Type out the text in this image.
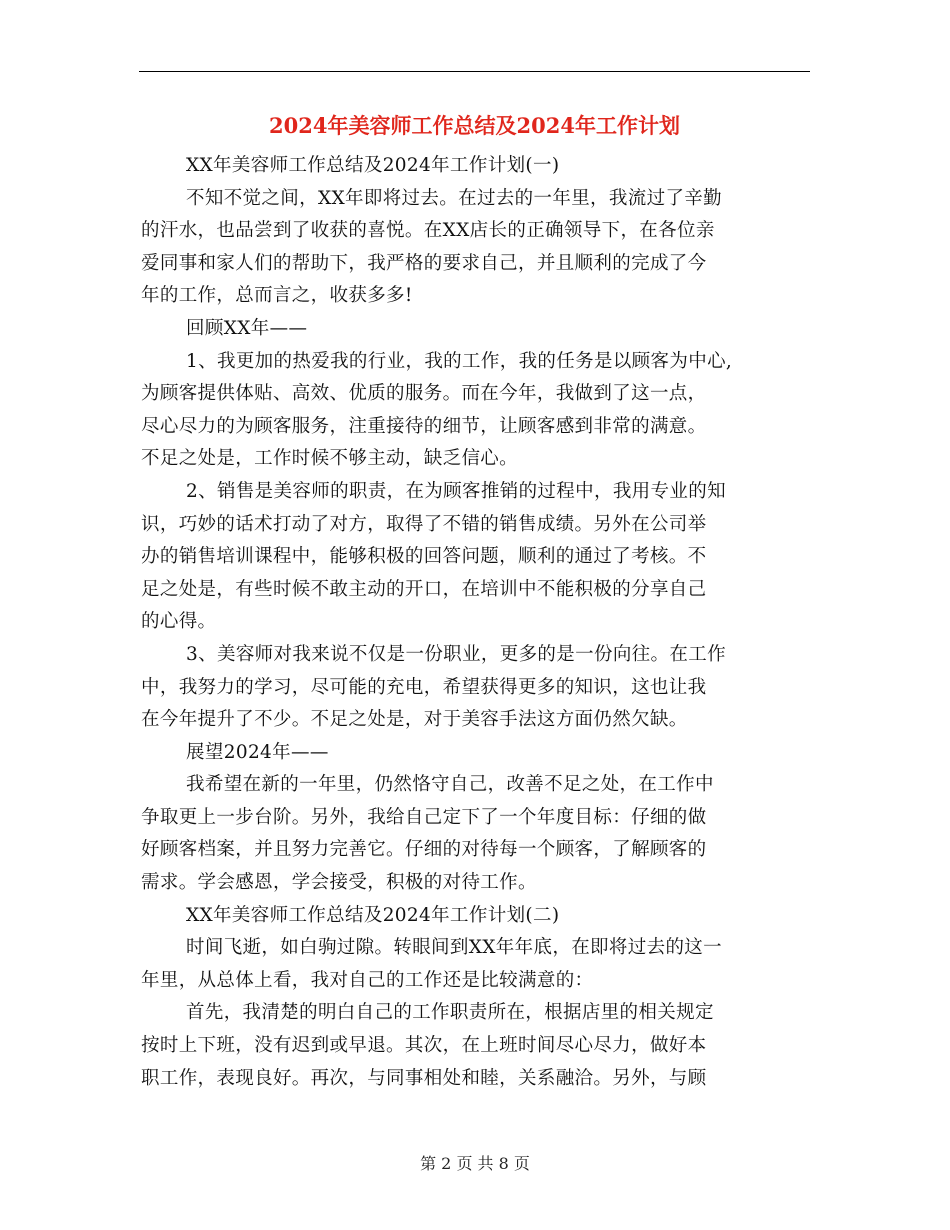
2024年美容师工作总结及2024年工作计划
XX年美容师工作总结及2024年工作计划(一)
不知不觉之间，XX年即将过去。在过去的一年里，我流过了辛勤
的汗水，也品尝到了收获的喜悦。在XX店长的正确领导下，在各位亲
爱同事和家人们的帮助下，我严格的要求自己，并且顺利的完成了今
年的工作，总而言之，收获多多!
回顾XX年——
1、我更加的热爱我的行业，我的工作，我的任务是以顾客为中心,
为顾客提供体贴、高效、优质的服务。而在今年，我做到了这一点，
尽心尽力的为顾客服务，注重接待的细节，让顾客感到非常的满意。
不足之处是，工作时候不够主动，缺乏信心。
2、销售是美容师的职责，在为顾客推销的过程中，我用专业的知
识，巧妙的话术打动了对方，取得了不错的销售成绩。另外在公司举
办的销售培训课程中，能够积极的回答问题，顺利的通过了考核。不
足之处是，有些时候不敢主动的开口，在培训中不能积极的分享自己
的心得。
3、美容师对我来说不仅是一份职业，更多的是一份向往。在工作
中，我努力的学习，尽可能的充电，希望获得更多的知识，这也让我
在今年提升了不少。不足之处是，对于美容手法这方面仍然欠缺。
展望2024年——
我希望在新的一年里，仍然恪守自己，改善不足之处，在工作中
争取更上一步台阶。另外，我给自己定下了一个年度目标：仔细的做
好顾客档案，并且努力完善它。仔细的对待每一个顾客，了解顾客的
需求。学会感恩，学会接受，积极的对待工作。
XX年美容师工作总结及2024年工作计划(二)
时间飞逝，如白驹过隙。转眼间到XX年年底，在即将过去的这一
年里，从总体上看，我对自己的工作还是比较满意的：
首先，我清楚的明白自己的工作职责所在，根据店里的相关规定
按时上下班，没有迟到或早退。其次，在上班时间尽心尽力，做好本
职工作，表现良好。再次，与同事相处和睦，关系融洽。另外，与顾
第 2 页 共 8 页
